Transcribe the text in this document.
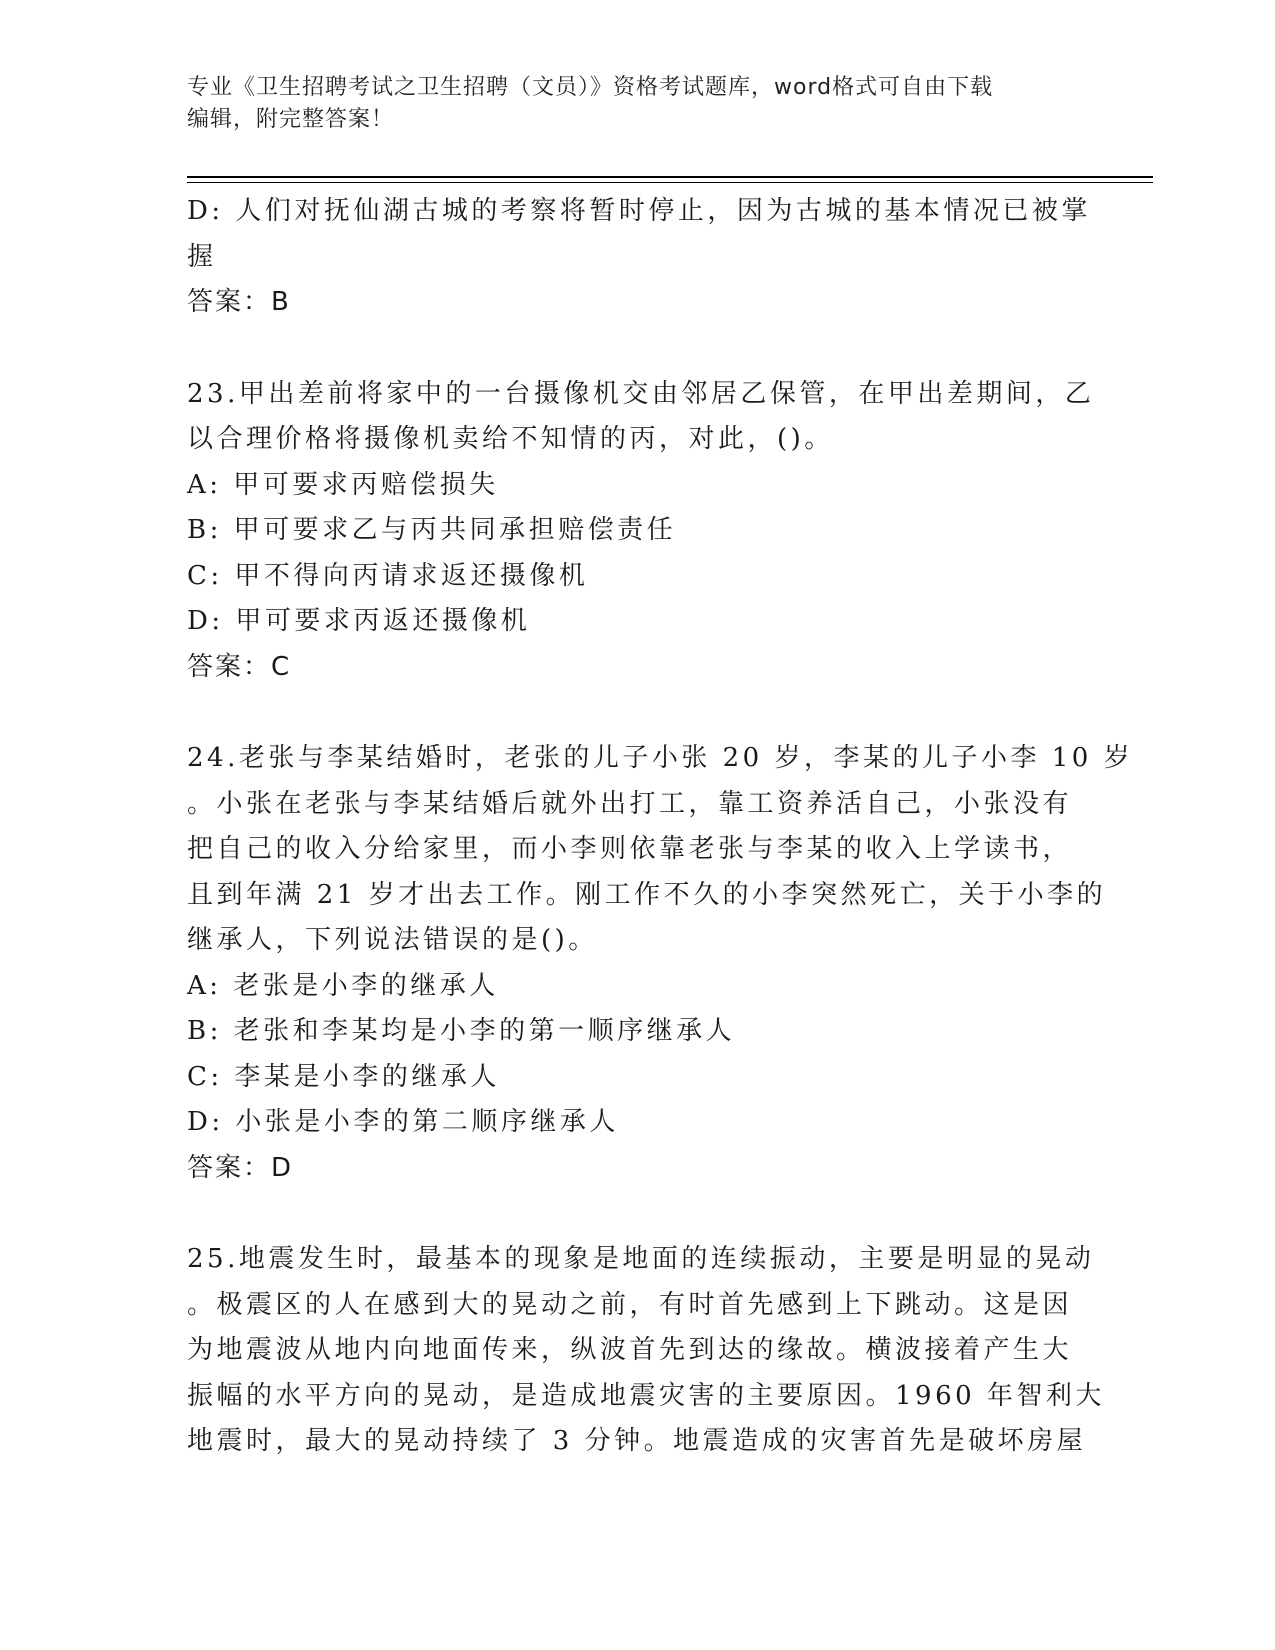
专业《卫生招聘考试之卫生招聘（文员）》资格考试题库，word格式可自由下载
编辑，附完整答案！
D: 人们对抚仙湖古城的考察将暂时停止，因为古城的基本情况已被掌
握
答案：B
23.甲出差前将家中的一台摄像机交由邻居乙保管，在甲出差期间，乙
以合理价格将摄像机卖给不知情的丙，对此，()。
A: 甲可要求丙赔偿损失
B: 甲可要求乙与丙共同承担赔偿责任
C: 甲不得向丙请求返还摄像机
D: 甲可要求丙返还摄像机
答案：C
24.老张与李某结婚时，老张的儿子小张 20 岁，李某的儿子小李 10 岁
。小张在老张与李某结婚后就外出打工，靠工资养活自己，小张没有
把自己的收入分给家里，而小李则依靠老张与李某的收入上学读书，
且到年满 21 岁才出去工作。刚工作不久的小李突然死亡，关于小李的
继承人，下列说法错误的是()。
A: 老张是小李的继承人
B: 老张和李某均是小李的第一顺序继承人
C: 李某是小李的继承人
D: 小张是小李的第二顺序继承人
答案：D
25.地震发生时，最基本的现象是地面的连续振动，主要是明显的晃动
。极震区的人在感到大的晃动之前，有时首先感到上下跳动。这是因
为地震波从地内向地面传来，纵波首先到达的缘故。横波接着产生大
振幅的水平方向的晃动，是造成地震灾害的主要原因。1960 年智利大
地震时，最大的晃动持续了 3 分钟。地震造成的灾害首先是破坏房屋
